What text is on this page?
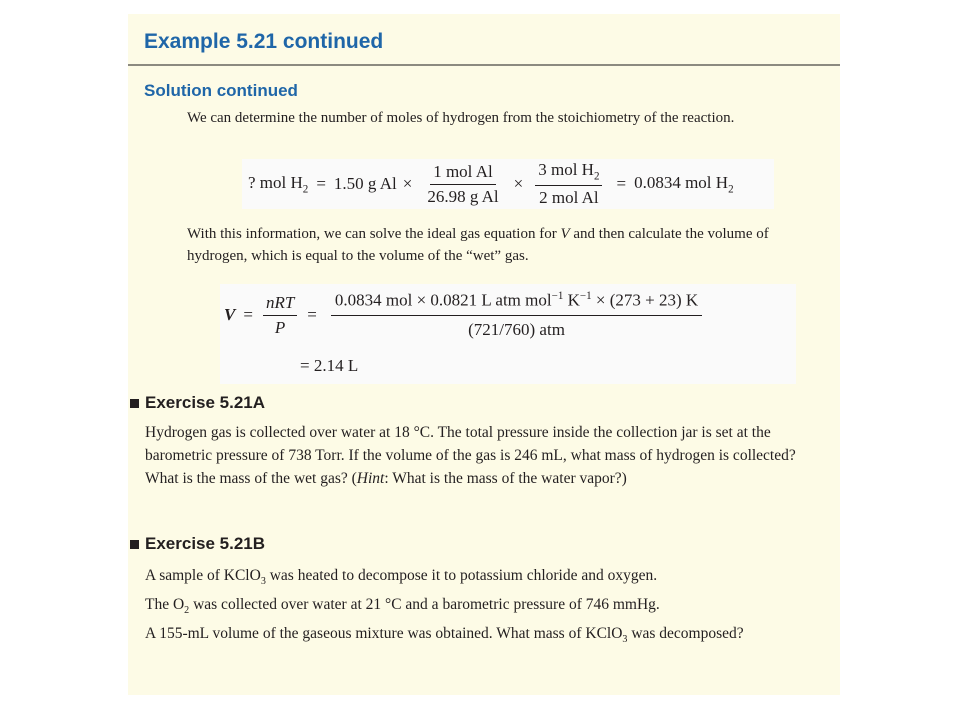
Example 5.21 continued
Solution continued
We can determine the number of moles of hydrogen from the stoichiometry of the reaction.
? mol $H_2 = 1.50$ g $Al \times \frac{\text{1 mol Al}}{\text{26.98 g Al}} \times \frac{3 mol H_2}{\text{2 mol Al}} = 0.0834$ mol $H_2$
With this information, we can solve the ideal gas equation for V and then calculate the volume of hydrogen, which is equal to the volume of the “wet” gas.
$V = \frac{\text{nRT}}{P} = \frac{0.0834 mol \times 0.0821 L atm mol^{-1} K^{-1} \times (273 + 23) K}{\text{(721/760) atm}}$
= 2.14 L
Exercise 5.21A
Hydrogen gas is collected over water at 18 °C. The total pressure inside the collection jar is set at the barometric pressure of 738 Torr. If the volume of the gas is 246 mL, what mass of hydrogen is collected? What is the mass of the wet gas? (Hint: What is the mass of the water vapor?)
Exercise 5.21B
A sample of KClO$_3$ was heated to decompose it to potassium chloride and oxygen.
The $O_2$ was collected over water at 21 °C and a barometric pressure of 746 mmHg.
A 155-mL volume of the gaseous mixture was obtained. What mass of KClO$_3$ was decomposed?
